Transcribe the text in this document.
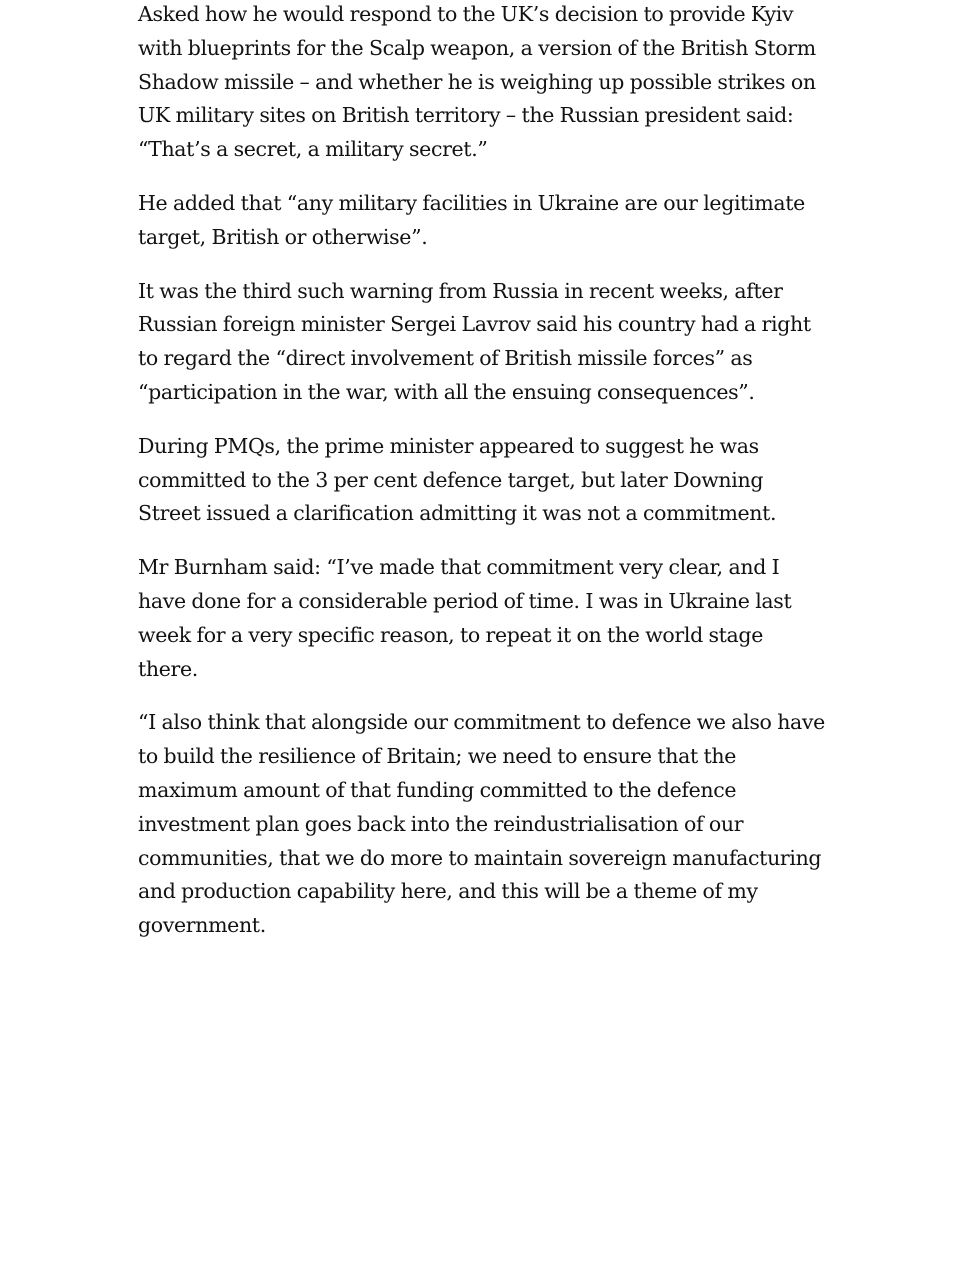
Asked how he would respond to the UK’s decision to provide Kyiv with blueprints for the Scalp weapon, a version of the British Storm Shadow missile – and whether he is weighing up possible strikes on UK military sites on British territory – the Russian president said: “That’s a secret, a military secret.”

He added that “any military facilities in Ukraine are our legitimate target, British or otherwise”.

It was the third such warning from Russia in recent weeks, after Russian foreign minister Sergei Lavrov said his country had a right to regard the “direct involvement of British missile forces” as “participation in the war, with all the ensuing consequences”.

During PMQs, the prime minister appeared to suggest he was committed to the 3 per cent defence target, but later Downing Street issued a clarification admitting it was not a commitment.

Mr Burnham said: “I’ve made that commitment very clear, and I have done for a considerable period of time. I was in Ukraine last week for a very specific reason, to repeat it on the world stage there.

“I also think that alongside our commitment to defence we also have to build the resilience of Britain; we need to ensure that the maximum amount of that funding committed to the defence investment plan goes back into the reindustrialisation of our communities, that we do more to maintain sovereign manufacturing and production capability here, and this will be a theme of my government.
